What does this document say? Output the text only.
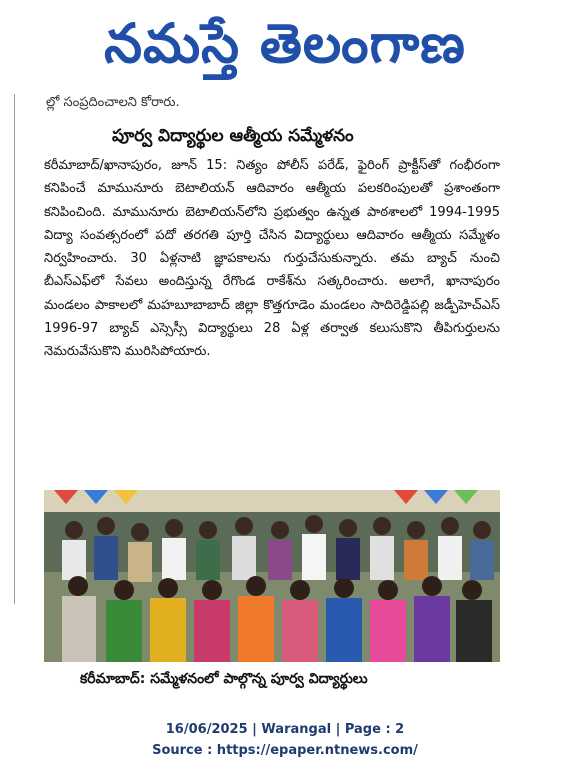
నమస్తే తెలంగాణ
ల్లో సంప్రదించాలని కోరారు.
పూర్వ విద్యార్థుల ఆత్మీయ సమ్మేళనం

కరీమాబాద్/ఖానాపురం, జూన్ 15: నిత్యం పోలీస్ పరేడ్, ఫైరింగ్ ప్రాక్టీస్‌తో గంభీరంగా కనిపించే మామునూరు బెటాలియన్ ఆదివారం ఆత్మీయ పలకరింపులతో ప్రశాంతంగా కనిపించింది. మామునూరు బెటాలియన్‌లోని ప్రభుత్వం ఉన్నత పాఠశాలలో 1994-1995 విద్యా సంవత్సరంలో పదో తరగతి పూర్తి చేసిన విద్యార్థులు ఆదివారం ఆత్మీయ సమ్మేళం నిర్వహించారు. 30 ఏళ్లనాటి జ్ఞాపకాలను గుర్తుచేసుకున్నారు. తమ బ్యాచ్ నుంచి బీఎస్ఎఫ్‌లో సేవలు అందిస్తున్న రేగొండ రాకేశ్‌ను సత్కరించారు. అలాగే, ఖానాపురం మండలం పాకాలలో మహబూబాబాద్ జిల్లా కొత్తగూడెం మండలం సాదిరెడ్డిపల్లి జడ్పీహెచ్ఎస్ 1996-97 బ్యాచ్ ఎస్సెస్సీ విద్యార్థులు 28 ఏళ్ల తర్వాత కలుసుకొని తీపిగుర్తులను నెమరువేసుకొని మురిసిపోయారు.

కరీమాబాద్: సమ్మేళనంలో పాల్గొన్న పూర్వ విద్యార్థులు
16/06/2025 | Warangal | Page : 2
Source : https://epaper.ntnews.com/
